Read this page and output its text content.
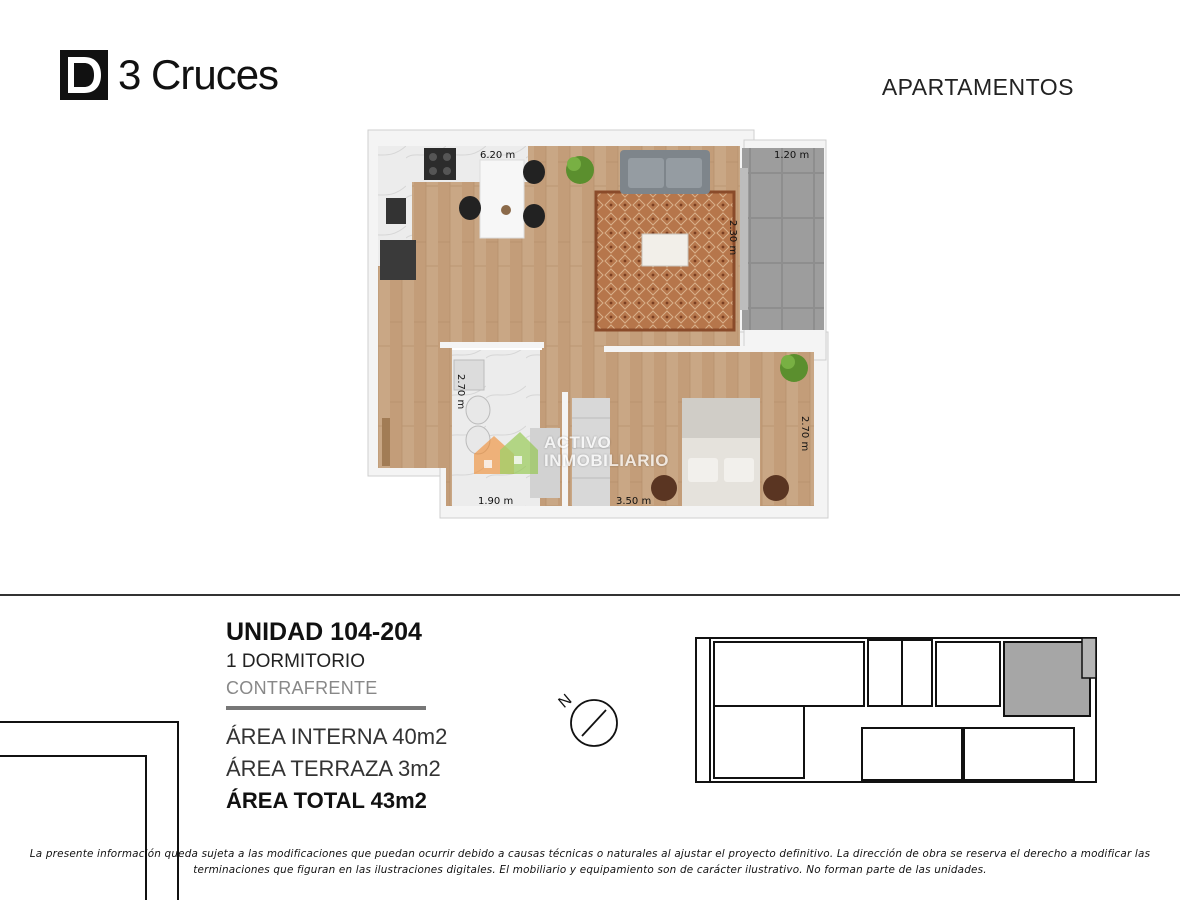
3 Cruces	APARTAMENTOS
6.20 m	1.20 m
2.30 m
2.70 m
2.70 m
1.90 m	3.50 m
ACTIVO
INMOBILIARIO
UNIDAD 104-204
1 DORMITORIO
CONTRAFRENTE
ÁREA INTERNA 40m2
ÁREA TERRAZA 3m2
ÁREA TOTAL 43m2
N
La presente información queda sujeta a las modificaciones que puedan ocurrir debido a causas técnicas o naturales al ajustar el proyecto definitivo. La dirección de obra se reserva el derecho a modificar las terminaciones que figuran en las ilustraciones digitales. El mobiliario y equipamiento son de carácter ilustrativo. No forman parte de las unidades.
